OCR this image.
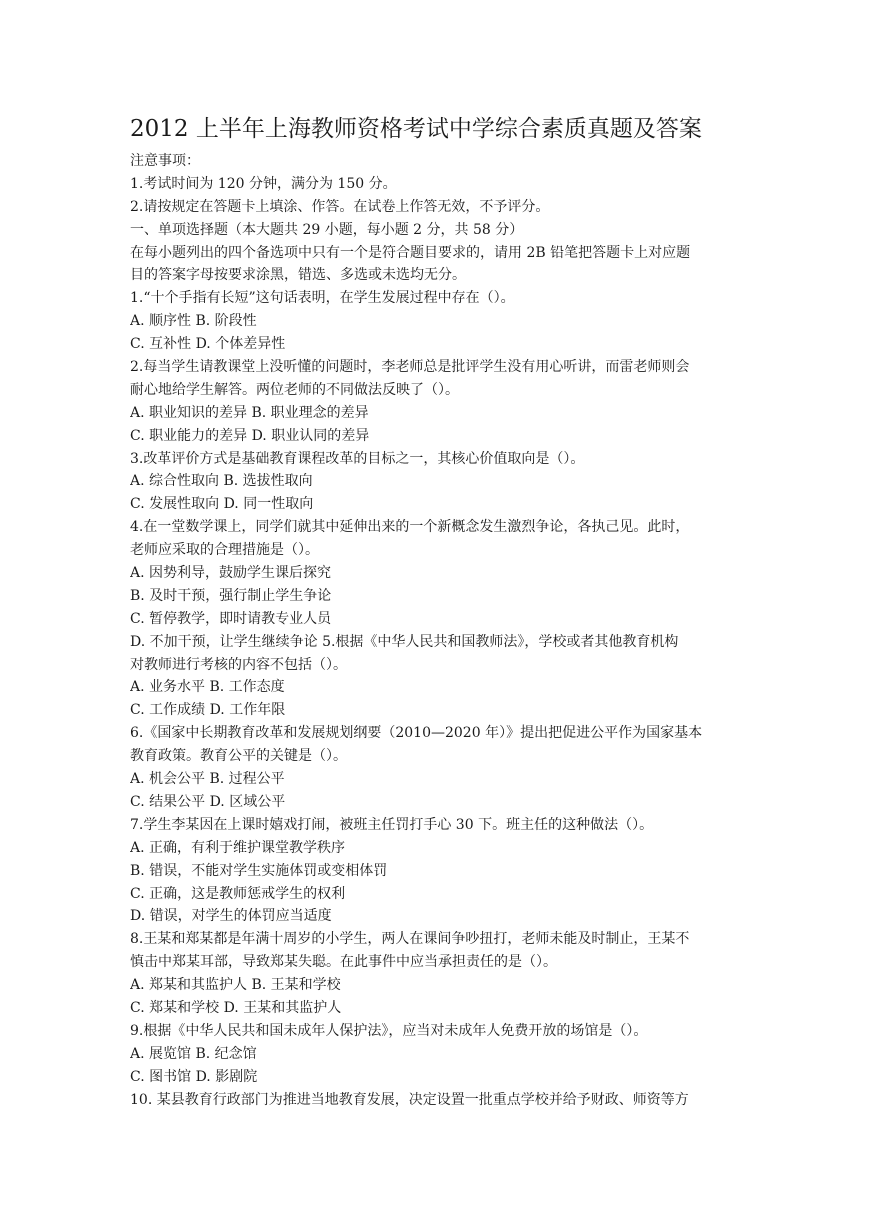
2012 上半年上海教师资格考试中学综合素质真题及答案
注意事项：
1.考试时间为 120 分钟，满分为 150 分。
2.请按规定在答题卡上填涂、作答。在试卷上作答无效，不予评分。
一、单项选择题（本大题共 29 小题，每小题 2 分，共 58 分）
在每小题列出的四个备选项中只有一个是符合题目要求的，请用 2B 铅笔把答题卡上对应题
目的答案字母按要求涂黑，错选、多选或未选均无分。
1.“十个手指有长短”这句话表明，在学生发展过程中存在（）。
A. 顺序性 B. 阶段性
C. 互补性 D. 个体差异性
2.每当学生请教课堂上没听懂的问题时，李老师总是批评学生没有用心听讲，而雷老师则会
耐心地给学生解答。两位老师的不同做法反映了（）。
A. 职业知识的差异 B. 职业理念的差异
C. 职业能力的差异 D. 职业认同的差异
3.改革评价方式是基础教育课程改革的目标之一，其核心价值取向是（）。
A. 综合性取向 B. 选拔性取向
C. 发展性取向 D. 同一性取向
4.在一堂数学课上，同学们就其中延伸出来的一个新概念发生激烈争论，各执己见。此时，
老师应采取的合理措施是（）。
A. 因势利导，鼓励学生课后探究
B. 及时干预，强行制止学生争论
C. 暂停教学，即时请教专业人员
D. 不加干预，让学生继续争论 5.根据《中华人民共和国教师法》，学校或者其他教育机构
对教师进行考核的内容不包括（）。
A. 业务水平 B. 工作态度
C. 工作成绩 D. 工作年限
6.《国家中长期教育改革和发展规划纲要（2010—2020 年）》提出把促进公平作为国家基本
教育政策。教育公平的关键是（）。
A. 机会公平 B. 过程公平
C. 结果公平 D. 区域公平
7.学生李某因在上课时嬉戏打闹，被班主任罚打手心 30 下。班主任的这种做法（）。
A. 正确，有利于维护课堂教学秩序
B. 错误，不能对学生实施体罚或变相体罚
C. 正确，这是教师惩戒学生的权利
D. 错误，对学生的体罚应当适度
8.王某和郑某都是年满十周岁的小学生，两人在课间争吵扭打，老师未能及时制止，王某不
慎击中郑某耳部，导致郑某失聪。在此事件中应当承担责任的是（）。
A. 郑某和其监护人 B. 王某和学校
C. 郑某和学校 D. 王某和其监护人
9.根据《中华人民共和国未成年人保护法》，应当对未成年人免费开放的场馆是（）。
A. 展览馆 B. 纪念馆
C. 图书馆 D. 影剧院
10. 某县教育行政部门为推进当地教育发展，决定设置一批重点学校并给予财政、师资等方
